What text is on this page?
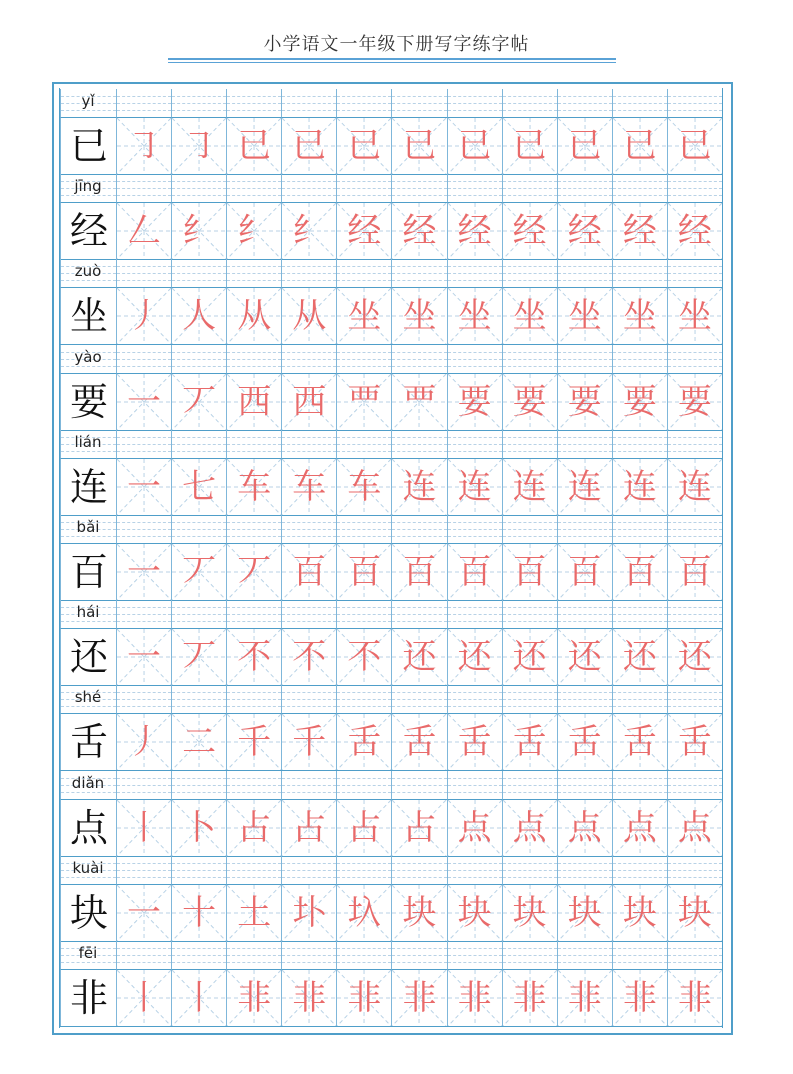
小学语文一年级下册写字练字帖
yǐ
已 ㇆ ㇆ 已 已 已 已 已 已 已 已 已
jīng
经 𠃋 纟 纟 纟 经 经 经 经 经 经 经
zuò
坐 丿 人 从 从 坐 坐 坐 坐 坐 坐 坐
yào
要 一 丆 西 西 覀 覀 要 要 要 要 要
lián
连 一 七 车 车 车 连 连 连 连 连 连
bǎi
百 一 丆 丆 百 百 百 百 百 百 百 百
hái
还 一 丆 不 不 不 还 还 还 还 还 还
shé
舌 丿 二 千 千 舌 舌 舌 舌 舌 舌 舌
diǎn
点 丨 卜 占 占 占 占 点 点 点 点 点
kuài
块 一 十 土 圤 圦 块 块 块 块 块 块
fēi
非 丨 丨 非 非 非 非 非 非 非 非 非
